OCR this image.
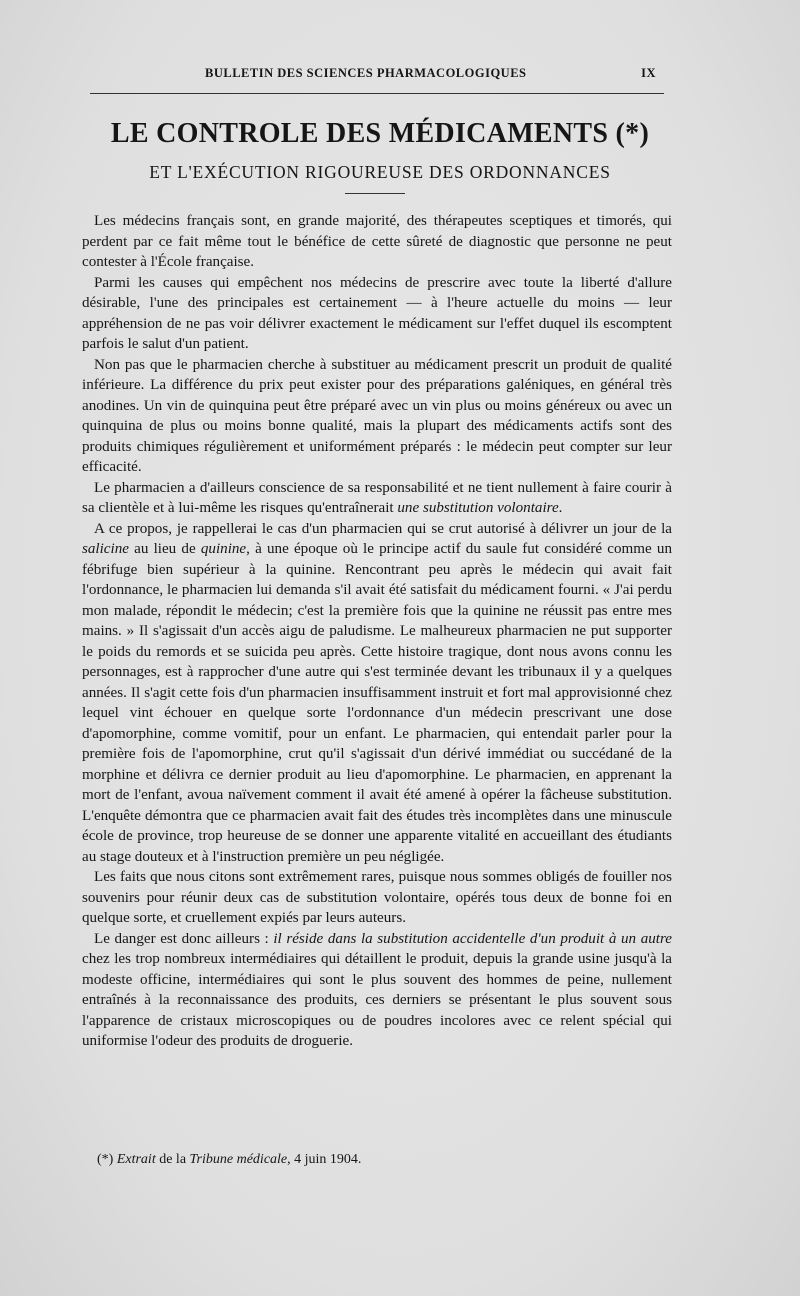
BULLETIN DES SCIENCES PHARMACOLOGIQUES	IX
LE CONTROLE DES MÉDICAMENTS (*)
ET L'EXÉCUTION RIGOUREUSE DES ORDONNANCES

Les médecins français sont, en grande majorité, des thérapeutes sceptiques et timorés, qui perdent par ce fait même tout le bénéfice de cette sûreté de diagnostic que personne ne peut contester à l'École française.

Parmi les causes qui empêchent nos médecins de prescrire avec toute la liberté d'allure désirable, l'une des principales est certainement — à l'heure actuelle du moins — leur appréhension de ne pas voir délivrer exactement le médicament sur l'effet duquel ils escomptent parfois le salut d'un patient.

Non pas que le pharmacien cherche à substituer au médicament prescrit un produit de qualité inférieure. La différence du prix peut exister pour des préparations galéniques, en général très anodines. Un vin de quinquina peut être préparé avec un vin plus ou moins généreux ou avec un quinquina de plus ou moins bonne qualité, mais la plupart des médicaments actifs sont des produits chimiques régulièrement et uniformément préparés : le médecin peut compter sur leur efficacité.

Le pharmacien a d'ailleurs conscience de sa responsabilité et ne tient nullement à faire courir à sa clientèle et à lui-même les risques qu'entraînerait une substitution volontaire.

A ce propos, je rappellerai le cas d'un pharmacien qui se crut autorisé à délivrer un jour de la salicine au lieu de quinine, à une époque où le principe actif du saule fut considéré comme un fébrifuge bien supérieur à la quinine. Rencontrant peu après le médecin qui avait fait l'ordonnance, le pharmacien lui demanda s'il avait été satisfait du médicament fourni. « J'ai perdu mon malade, répondit le médecin; c'est la première fois que la quinine ne réussit pas entre mes mains. » Il s'agissait d'un accès aigu de paludisme. Le malheureux pharmacien ne put supporter le poids du remords et se suicida peu après. Cette histoire tragique, dont nous avons connu les personnages, est à rapprocher d'une autre qui s'est terminée devant les tribunaux il y a quelques années. Il s'agit cette fois d'un pharmacien insuffisamment instruit et fort mal approvisionné chez lequel vint échouer en quelque sorte l'ordonnance d'un médecin prescrivant une dose d'apomorphine, comme vomitif, pour un enfant. Le pharmacien, qui entendait parler pour la première fois de l'apomorphine, crut qu'il s'agissait d'un dérivé immédiat ou succédané de la morphine et délivra ce dernier produit au lieu d'apomorphine. Le pharmacien, en apprenant la mort de l'enfant, avoua naïvement comment il avait été amené à opérer la fâcheuse substitution. L'enquête démontra que ce pharmacien avait fait des études très incomplètes dans une minuscule école de province, trop heureuse de se donner une apparente vitalité en accueillant des étudiants au stage douteux et à l'instruction première un peu négligée.

Les faits que nous citons sont extrêmement rares, puisque nous sommes obligés de fouiller nos souvenirs pour réunir deux cas de substitution volontaire, opérés tous deux de bonne foi en quelque sorte, et cruellement expiés par leurs auteurs.

Le danger est donc ailleurs : il réside dans la substitution accidentelle d'un produit à un autre chez les trop nombreux intermédiaires qui détaillent le produit, depuis la grande usine jusqu'à la modeste officine, intermédiaires qui sont le plus souvent des hommes de peine, nullement entraînés à la reconnaissance des produits, ces derniers se présentant le plus souvent sous l'apparence de cristaux microscopiques ou de poudres incolores avec ce relent spécial qui uniformise l'odeur des produits de droguerie.

(*) Extrait de la Tribune médicale, 4 juin 1904.
